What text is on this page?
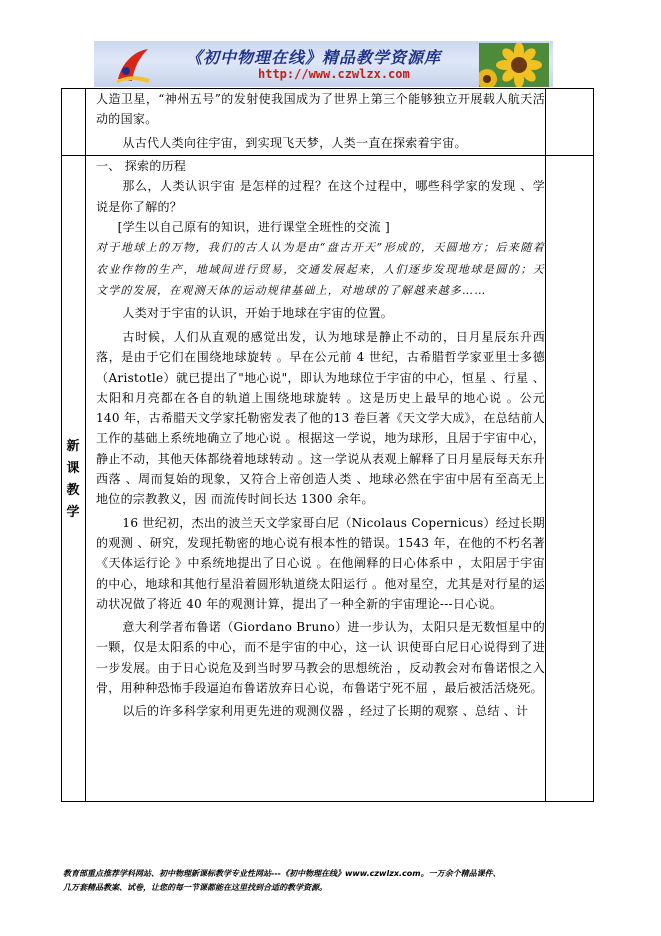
《初中物理在线》精品教学资源库
http://www.czwlzx.com
新
课
教
学

人造卫星，“神州五号”的发射使我国成为了世界上第三个能够独立开展载人航天活动的国家。

从古代人类向往宇宙，到实现飞天梦，人类一直在探索着宇宙。

一、 探索的历程

那么，人类认识宇宙 是怎样的过程？在这个过程中，哪些科学家的发现 、学说是你了解的？

[学生以自己原有的知识，进行课堂全班性的交流 ]

对于地球上的万物，我们的古人认为是由“盘古开天”形成的，天圆地方；后来随着农业作物的生产，地域间进行贸易，交通发展起来，人们逐步发现地球是圆的；天文学的发展，在观测天体的运动规律基础上，对地球的了解越来越多……

人类对于宇宙的认识，开始于地球在宇宙的位置。

古时候，人们从直观的感觉出发，认为地球是静止不动的，日月星辰东升西落，是由于它们在围绕地球旋转 。早在公元前 4 世纪，古希腊哲学家亚里士多德（Aristotle）就已提出了"地心说"，即认为地球位于宇宙的中心，恒星 、行星 、太阳和月亮都在各自的轨道上围绕地球旋转 。这是历史上最早的地心说 。公元 140 年，古希腊天文学家托勒密发表了他的13 卷巨著《天文学大成》，在总结前人工作的基础上系统地确立了地心说 。根据这一学说，地为球形，且居于宇宙中心，静止不动，其他天体都绕着地球转动 。这一学说从表观上解释了日月星辰每天东升西落 、周而复始的现象，又符合上帝创造人类 、地球必然在宇宙中居有至高无上地位的宗教教义，因 而流传时间长达 1300 余年。

16 世纪初，杰出的波兰天文学家哥白尼（Nicolaus Copernicus）经过长期的观测 、研究，发现托勒密的地心说有根本性的错误。1543 年，在他的不朽名著《天体运行论 》中系统地提出了日心说 。在他阐释的日心体系中 ，太阳居于宇宙的中心，地球和其他行星沿着圆形轨道绕太阳运行 。他对星空，尤其是对行星的运动状况做了将近 40 年的观测计算，提出了一种全新的宇宙理论---日心说。

意大利学者布鲁诺（Giordano Bruno）进一步认为，太阳只是无数恒星中的一颗，仅是太阳系的中心，而不是宇宙的中心，这一认 识使哥白尼日心说得到了进一步发展。由于日心说危及到当时罗马教会的思想统治 ，反动教会对布鲁诺恨之入骨，用种种恐怖手段逼迫布鲁诺放弃日心说，布鲁诺宁死不屈 ，最后被活活烧死。

以后的许多科学家利用更先进的观测仪器 ，经过了长期的观察 、总结 、计

教育部重点推荐学科网站、初中物理新课标教学专业性网站---《初中物理在线》www.czwlzx.com。一万余个精品课件、
几万套精品教案、试卷，让您的每一节课都能在这里找到合适的教学资源。
